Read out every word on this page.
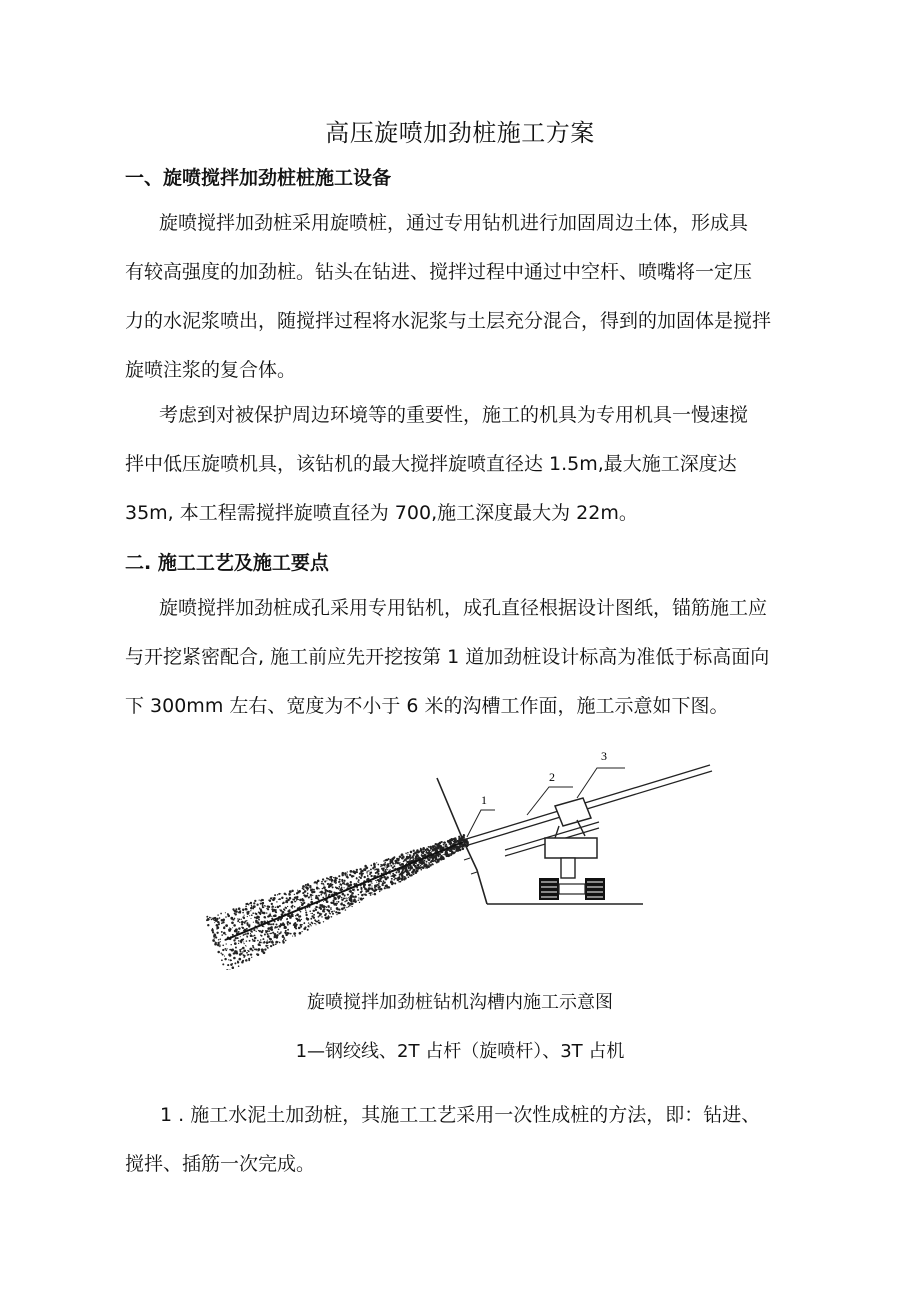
高压旋喷加劲桩施工方案
一、旋喷搅拌加劲桩桩施工设备
旋喷搅拌加劲桩采用旋喷桩，通过专用钻机进行加固周边土体，形成具
有较高强度的加劲桩。钻头在钻进、搅拌过程中通过中空杆、喷嘴将一定压
力的水泥浆喷出，随搅拌过程将水泥浆与土层充分混合，得到的加固体是搅拌
旋喷注浆的复合体。
考虑到对被保护周边环境等的重要性，施工的机具为专用机具一慢速搅
拌中低压旋喷机具，该钻机的最大搅拌旋喷直径达 1.5m,最大施工深度达
35m, 本工程需搅拌旋喷直径为 700,施工深度最大为 22m。
二. 施工工艺及施工要点
旋喷搅拌加劲桩成孔采用专用钻机，成孔直径根据设计图纸，锚筋施工应
与开挖紧密配合, 施工前应先开挖按第 1 道加劲桩设计标高为准低于标高面向
下 300mm 左右、宽度为不小于 6 米的沟槽工作面，施工示意如下图。
1
2
3
旋喷搅拌加劲桩钻机沟槽内施工示意图
1—钢绞线、2T 占杆（旋喷杆）、3T 占机
1 . 施工水泥土加劲桩，其施工工艺采用一次性成桩的方法，即：钻进、
搅拌、插筋一次完成。
